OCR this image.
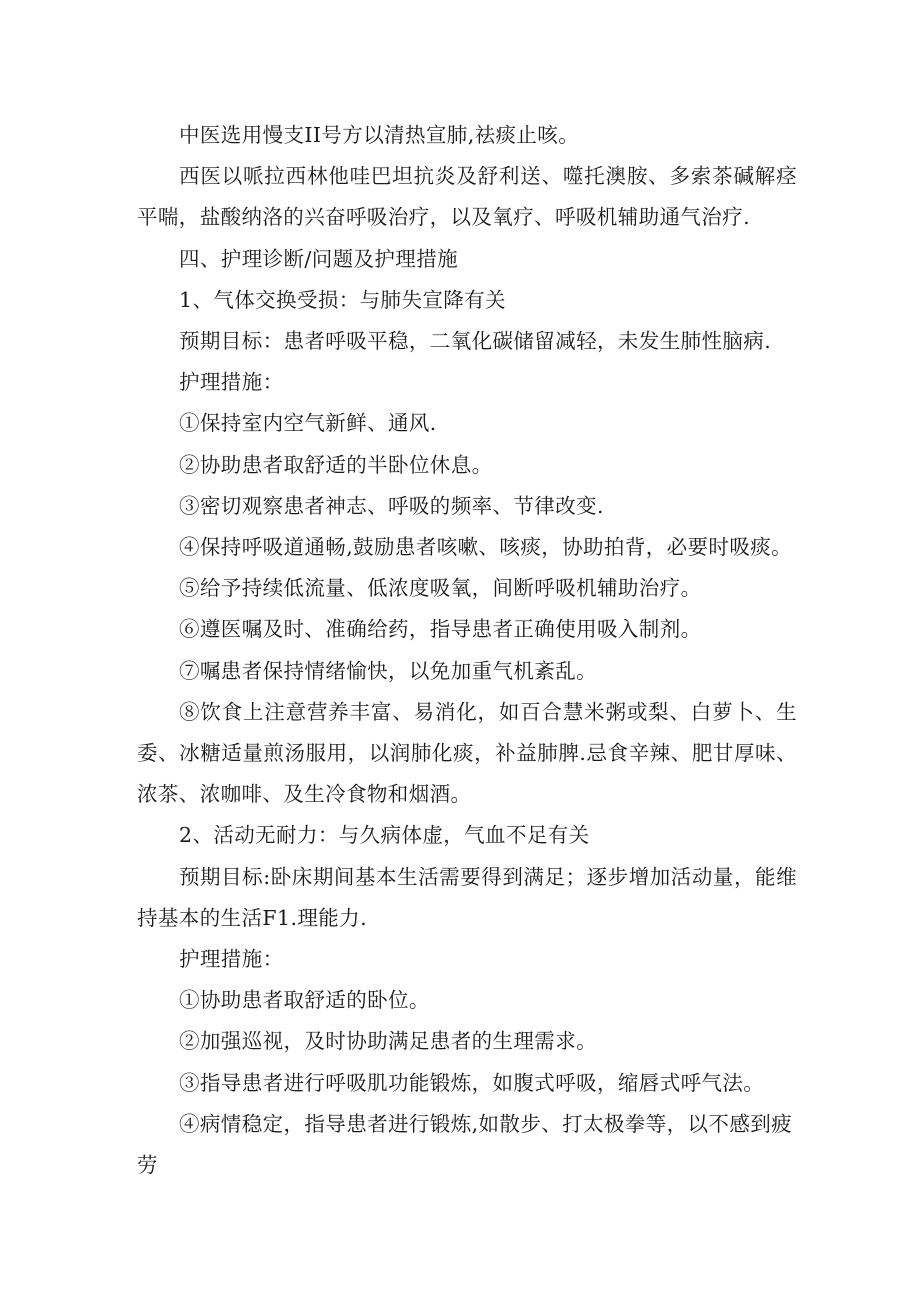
中医选用慢支II号方以清热宣肺,祛痰止咳。

西医以哌拉西林他哇巴坦抗炎及舒利送、噬托澳胺、多索茶碱解痉平喘，盐酸纳洛的兴奋呼吸治疗，以及氧疗、呼吸机辅助通气治疗.

四、护理诊断/问题及护理措施

1、气体交换受损：与肺失宣降有关

预期目标：患者呼吸平稳，二氧化碳储留减轻，未发生肺性脑病.

护理措施：

①保持室内空气新鲜、通风.

②协助患者取舒适的半卧位休息。

③密切观察患者神志、呼吸的频率、节律改变.

④保持呼吸道通畅,鼓励患者咳嗽、咳痰，协助拍背，必要时吸痰。

⑤给予持续低流量、低浓度吸氧，间断呼吸机辅助治疗。

⑥遵医嘱及时、准确给药，指导患者正确使用吸入制剂。

⑦嘱患者保持情绪愉快，以免加重气机紊乱。

⑧饮食上注意营养丰富、易消化，如百合慧米粥或梨、白萝卜、生委、冰糖适量煎汤服用，以润肺化痰，补益肺脾.忌食辛辣、肥甘厚味、浓茶、浓咖啡、及生冷食物和烟酒。

2、活动无耐力：与久病体虚，气血不足有关

预期目标:卧床期间基本生活需要得到满足；逐步增加活动量，能维持基本的生活F1.理能力.

护理措施：

①协助患者取舒适的卧位。

②加强巡视，及时协助满足患者的生理需求。

③指导患者进行呼吸肌功能锻炼，如腹式呼吸，缩唇式呼气法。

④病情稳定，指导患者进行锻炼,如散步、打太极拳等，以不感到疲劳
